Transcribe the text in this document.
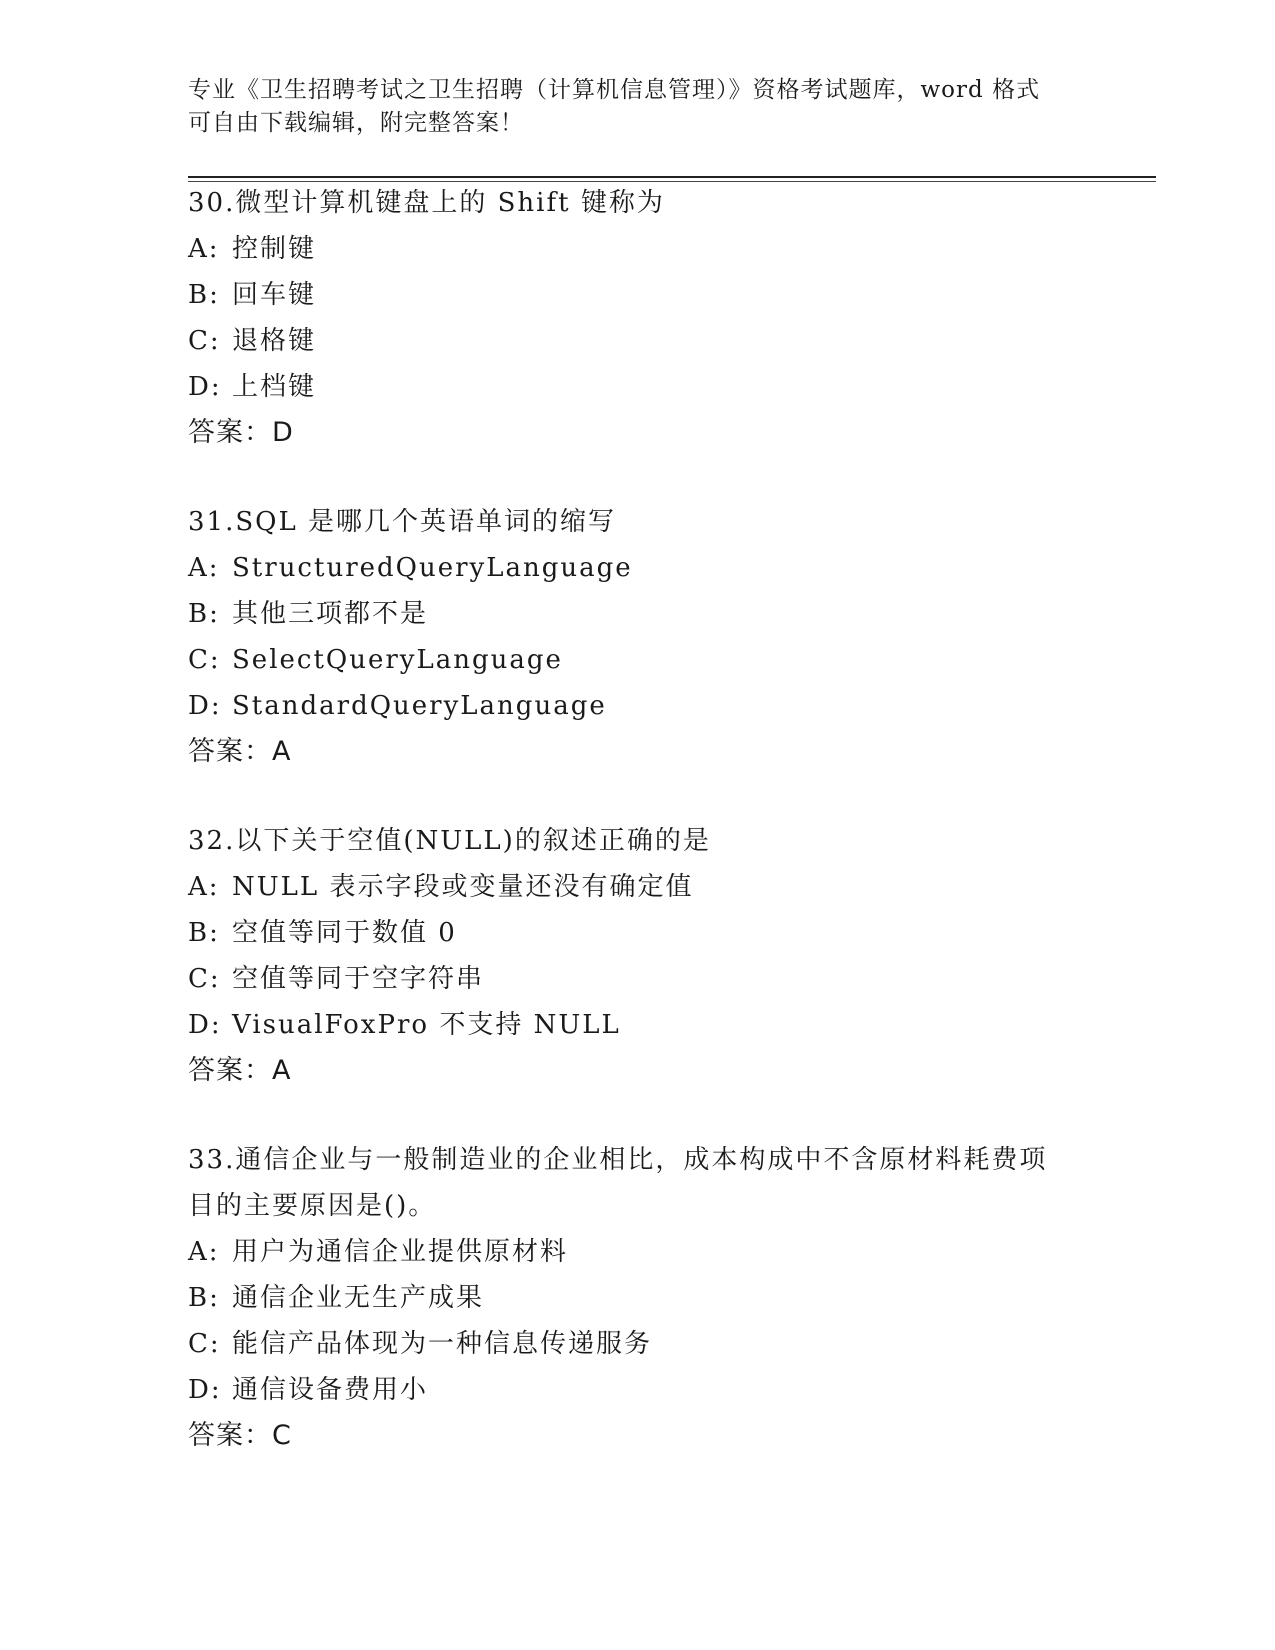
专业《卫生招聘考试之卫生招聘（计算机信息管理）》资格考试题库，word 格式
可自由下载编辑，附完整答案！
30.微型计算机键盘上的 Shift 键称为
A: 控制键
B: 回车键
C: 退格键
D: 上档键
答案：D
31.SQL 是哪几个英语单词的缩写
A: StructuredQueryLanguage
B: 其他三项都不是
C: SelectQueryLanguage
D: StandardQueryLanguage
答案：A
32.以下关于空值(NULL)的叙述正确的是
A: NULL 表示字段或变量还没有确定值
B: 空值等同于数值 0
C: 空值等同于空字符串
D: VisualFoxPro 不支持 NULL
答案：A
33.通信企业与一般制造业的企业相比，成本构成中不含原材料耗费项
目的主要原因是()。
A: 用户为通信企业提供原材料
B: 通信企业无生产成果
C: 能信产品体现为一种信息传递服务
D: 通信设备费用小
答案：C
